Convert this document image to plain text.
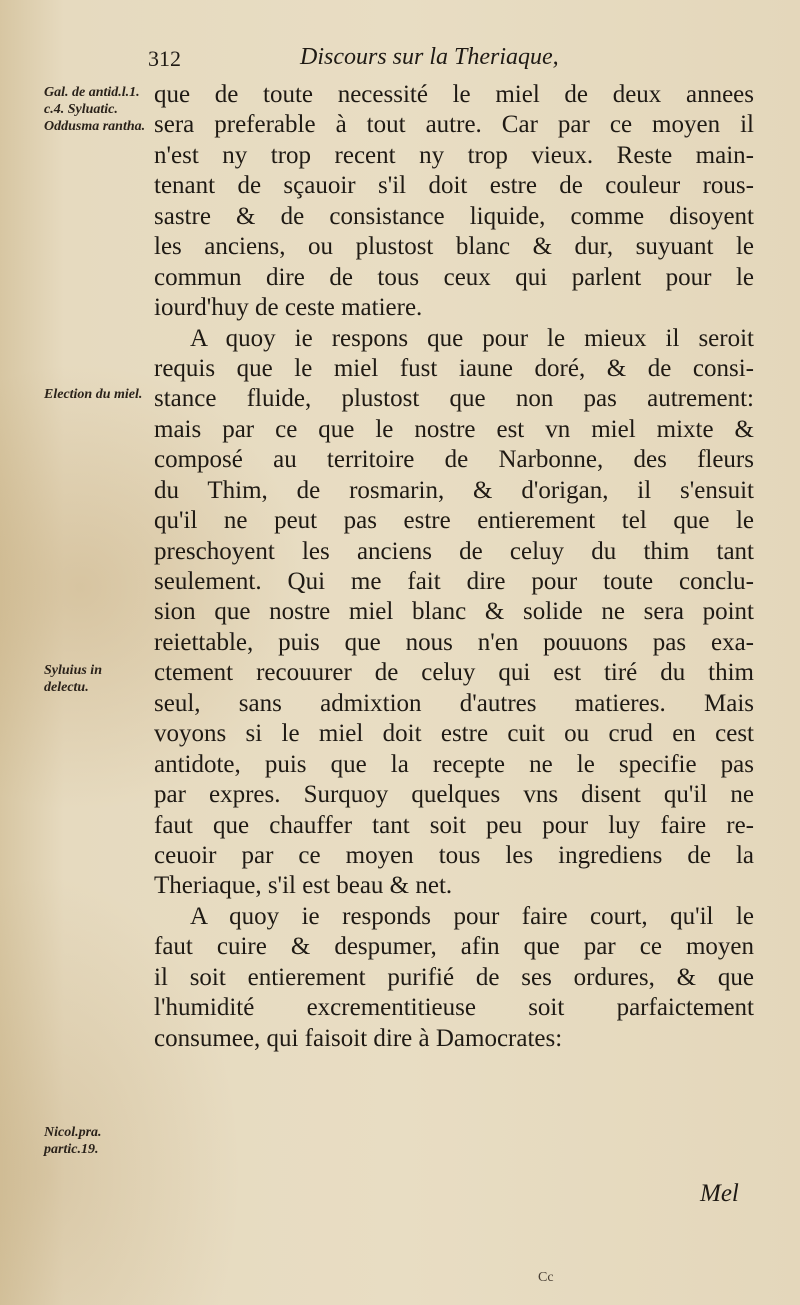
312	Discours sur la Theriaque,
Gal. de antid.l.1. c.4. Syluatic. Oddusma rantha.
Election du miel.
Syluius in delectu.
Nicol.pra. partic.19.
que de toute necessité le miel de deux annees
sera preferable à tout autre. Car par ce moyen il
n'est ny trop recent ny trop vieux. Reste main-
tenant de sçauoir s'il doit estre de couleur rous-
sastre & de consistance liquide, comme disoyent
les anciens, ou plustost blanc & dur, suyuant le
commun dire de tous ceux qui parlent pour le
iourd'huy de ceste matiere.
A quoy ie respons que pour le mieux il seroit
requis que le miel fust iaune doré, & de consi-
stance fluide, plustost que non pas autrement:
mais par ce que le nostre est vn miel mixte &
composé au territoire de Narbonne, des fleurs
du Thim, de rosmarin, & d'origan, il s'ensuit
qu'il ne peut pas estre entierement tel que le
preschoyent les anciens de celuy du thim tant
seulement. Qui me fait dire pour toute conclu-
sion que nostre miel blanc & solide ne sera point
reiettable, puis que nous n'en pouuons pas exa-
ctement recouurer de celuy qui est tiré du thim
seul, sans admixtion d'autres matieres. Mais
voyons si le miel doit estre cuit ou crud en cest
antidote, puis que la recepte ne le specifie pas
par expres. Surquoy quelques vns disent qu'il ne
faut que chauffer tant soit peu pour luy faire re-
ceuoir par ce moyen tous les ingrediens de la
Theriaque, s'il est beau & net.
A quoy ie responds pour faire court, qu'il le
faut cuire & despumer, afin que par ce moyen
il soit entierement purifié de ses ordures, & que
l'humidité excrementitieuse soit parfaictement
consumee, qui faisoit dire à Damocrates:
Mel
Cc
